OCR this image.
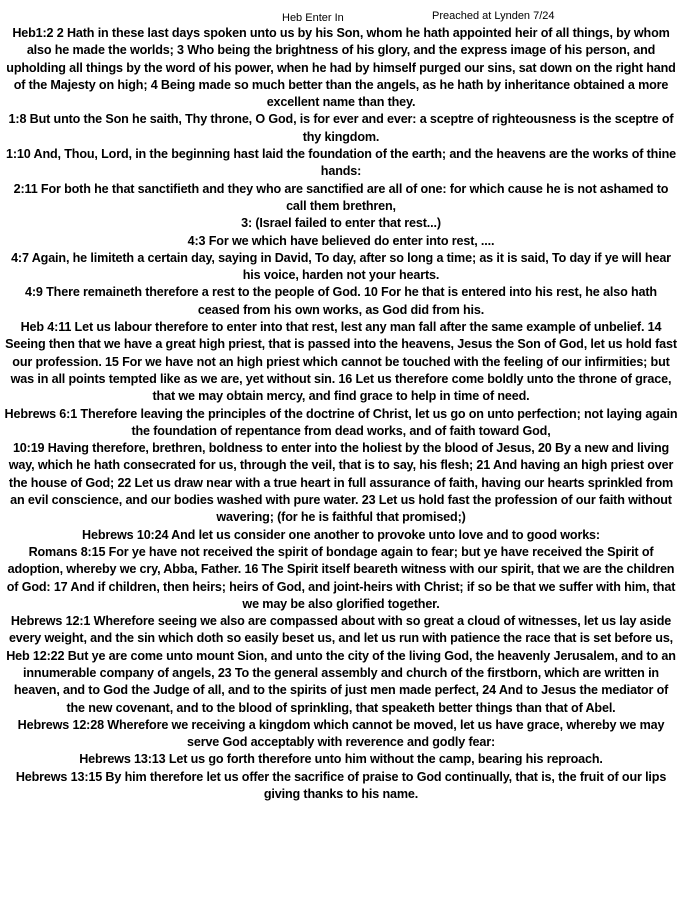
Heb Enter In	Preached at Lynden 7/24

Heb1:2 2 Hath in these last days spoken unto us by his Son, whom he hath appointed heir of all things, by whom also he made the worlds; 3 Who being the brightness of his glory, and the express image of his person, and upholding all things by the word of his power, when he had by himself purged our sins, sat down on the right hand of the Majesty on high; 4 Being made so much better than the angels, as he hath by inheritance obtained a more excellent name than they.

1:8 But unto the Son he saith, Thy throne, O God, is for ever and ever: a sceptre of righteousness is the sceptre of thy kingdom.

1:10 And, Thou, Lord, in the beginning hast laid the foundation of the earth; and the heavens are the works of thine hands:

2:11 For both he that sanctifieth and they who are sanctified are all of one: for which cause he is not ashamed to call them brethren,

3: (Israel failed to enter that rest...)

4:3 For we which have believed do enter into rest, ....

4:7 Again, he limiteth a certain day, saying in David, To day, after so long a time; as it is said, To day if ye will hear his voice, harden not your hearts.

4:9 There remaineth therefore a rest to the people of God. 10 For he that is entered into his rest, he also hath ceased from his own works, as God did from his.

Heb 4:11 Let us labour therefore to enter into that rest, lest any man fall after the same example of unbelief. 14 Seeing then that we have a great high priest, that is passed into the heavens, Jesus the Son of God, let us hold fast our profession. 15 For we have not an high priest which cannot be touched with the feeling of our infirmities; but was in all points tempted like as we are, yet without sin. 16 Let us therefore come boldly unto the throne of grace, that we may obtain mercy, and find grace to help in time of need.

Hebrews 6:1 Therefore leaving the principles of the doctrine of Christ, let us go on unto perfection; not laying again the foundation of repentance from dead works, and of faith toward God,

10:19 Having therefore, brethren, boldness to enter into the holiest by the blood of Jesus, 20 By a new and living way, which he hath consecrated for us, through the veil, that is to say, his flesh; 21 And having an high priest over the house of God; 22 Let us draw near with a true heart in full assurance of faith, having our hearts sprinkled from an evil conscience, and our bodies washed with pure water. 23 Let us hold fast the profession of our faith without wavering; (for he is faithful that promised;)

Hebrews 10:24 And let us consider one another to provoke unto love and to good works:

Romans 8:15 For ye have not received the spirit of bondage again to fear; but ye have received the Spirit of adoption, whereby we cry, Abba, Father. 16 The Spirit itself beareth witness with our spirit, that we are the children of God: 17 And if children, then heirs; heirs of God, and joint-heirs with Christ; if so be that we suffer with him, that we may be also glorified together.

Hebrews 12:1 Wherefore seeing we also are compassed about with so great a cloud of witnesses, let us lay aside every weight, and the sin which doth so easily beset us, and let us run with patience the race that is set before us,

Heb 12:22 But ye are come unto mount Sion, and unto the city of the living God, the heavenly Jerusalem, and to an innumerable company of angels, 23 To the general assembly and church of the firstborn, which are written in heaven, and to God the Judge of all, and to the spirits of just men made perfect, 24 And to Jesus the mediator of the new covenant, and to the blood of sprinkling, that speaketh better things than that of Abel.

Hebrews 12:28 Wherefore we receiving a kingdom which cannot be moved, let us have grace, whereby we may serve God acceptably with reverence and godly fear:

Hebrews 13:13 Let us go forth therefore unto him without the camp, bearing his reproach.

Hebrews 13:15 By him therefore let us offer the sacrifice of praise to God continually, that is, the fruit of our lips giving thanks to his name.
